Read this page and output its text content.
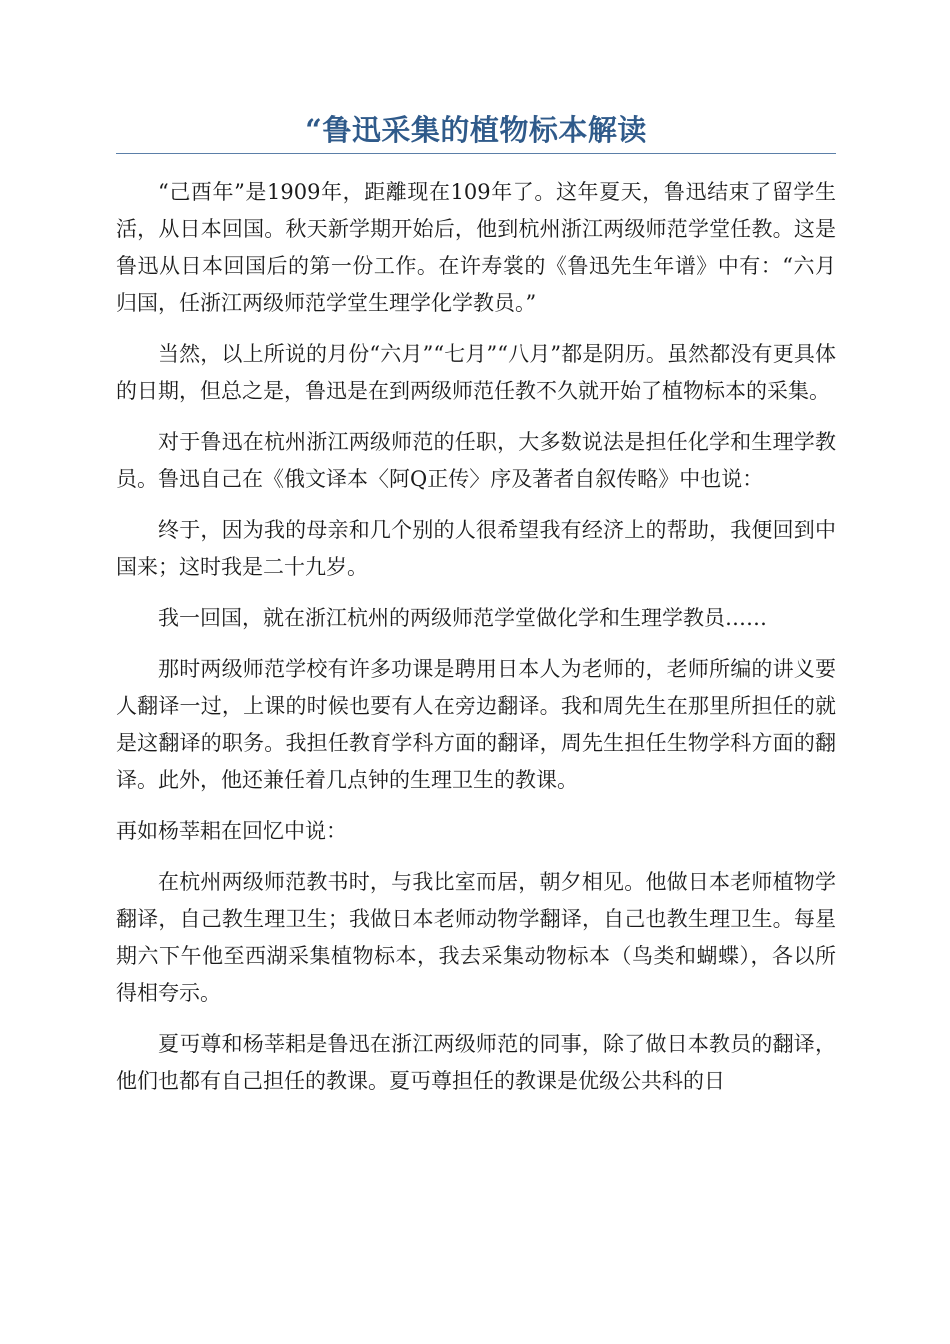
“鲁迅采集的植物标本解读

“己酉年”是1909年，距離现在109年了。这年夏天，鲁迅结束了留学生活，从日本回国。秋天新学期开始后，他到杭州浙江两级师范学堂任教。这是鲁迅从日本回国后的第一份工作。在许寿裳的《鲁迅先生年谱》中有：“六月归国，任浙江两级师范学堂生理学化学教员。”

当然，以上所说的月份“六月”“七月”“八月”都是阴历。虽然都没有更具体的日期，但总之是，鲁迅是在到两级师范任教不久就开始了植物标本的采集。

对于鲁迅在杭州浙江两级师范的任职，大多数说法是担任化学和生理学教员。鲁迅自己在《俄文译本〈阿Q正传〉序及著者自叙传略》中也说：

终于，因为我的母亲和几个别的人很希望我有经济上的帮助，我便回到中国来；这时我是二十九岁。

我一回国，就在浙江杭州的两级师范学堂做化学和生理学教员……

那时两级师范学校有许多功课是聘用日本人为老师的，老师所编的讲义要人翻译一过，上课的时候也要有人在旁边翻译。我和周先生在那里所担任的就是这翻译的职务。我担任教育学科方面的翻译，周先生担任生物学科方面的翻译。此外，他还兼任着几点钟的生理卫生的教课。

再如杨莘耜在回忆中说：

在杭州两级师范教书时，与我比室而居，朝夕相见。他做日本老师植物学翻译，自己教生理卫生；我做日本老师动物学翻译，自己也教生理卫生。每星期六下午他至西湖采集植物标本，我去采集动物标本（鸟类和蝴蝶），各以所得相夸示。

夏丏尊和杨莘耜是鲁迅在浙江两级师范的同事，除了做日本教员的翻译，他们也都有自己担任的教课。夏丏尊担任的教课是优级公共科的日
